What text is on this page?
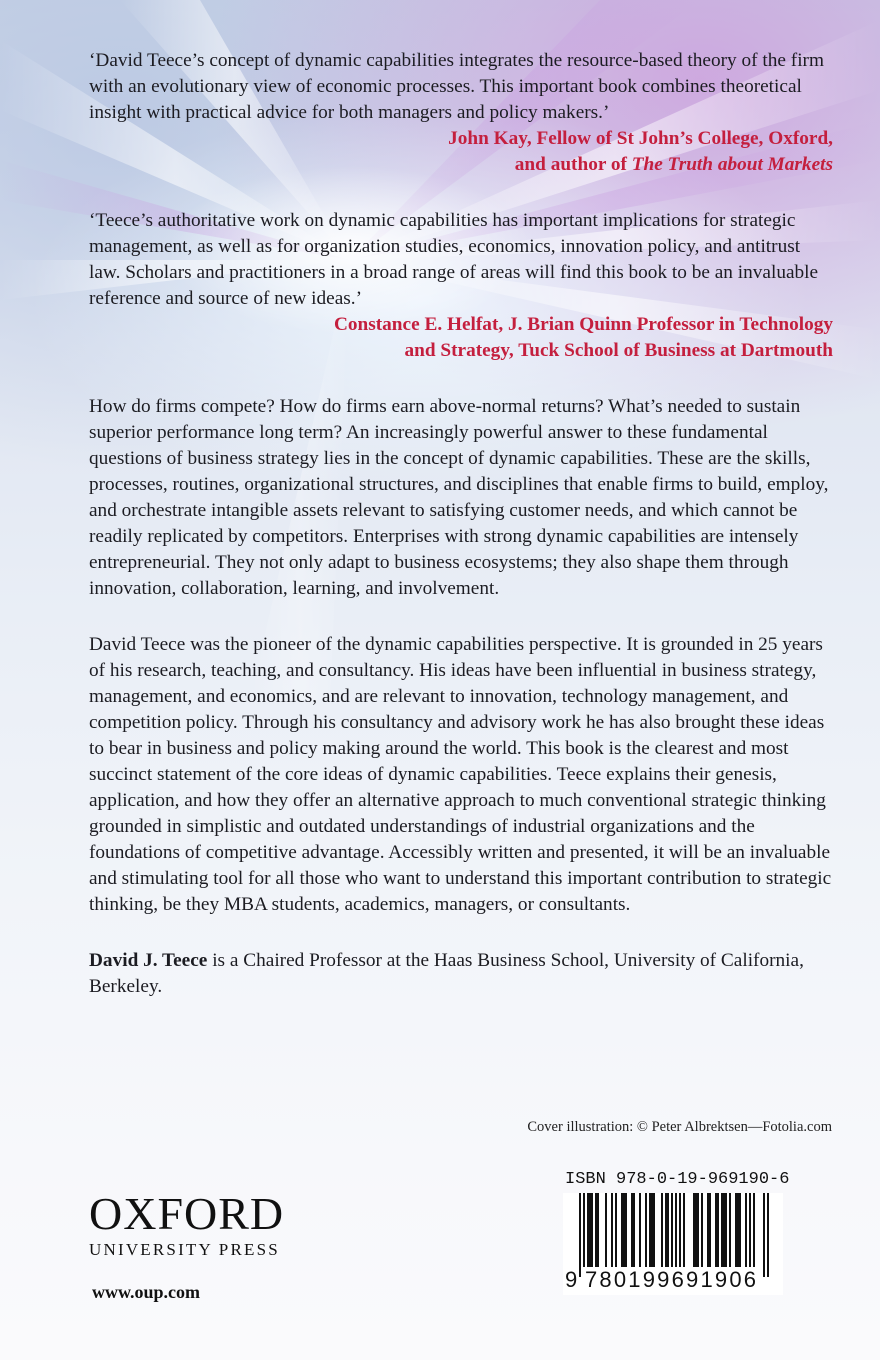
‘David Teece’s concept of dynamic capabilities integrates the resource-based theory of the firm with an evolutionary view of economic processes. This important book combines theoretical insight with practical advice for both managers and policy makers.’

John Kay, Fellow of St John’s College, Oxford,
and author of The Truth about Markets

‘Teece’s authoritative work on dynamic capabilities has important implications for strategic management, as well as for organization studies, economics, innovation policy, and antitrust law. Scholars and practitioners in a broad range of areas will find this book to be an invaluable reference and source of new ideas.’

Constance E. Helfat, J. Brian Quinn Professor in Technology
and Strategy, Tuck School of Business at Dartmouth

How do firms compete? How do firms earn above-normal returns? What’s needed to sustain superior performance long term? An increasingly powerful answer to these fundamental questions of business strategy lies in the concept of dynamic capabilities. These are the skills, processes, routines, organizational structures, and disciplines that enable firms to build, employ, and orchestrate intangible assets relevant to satisfying customer needs, and which cannot be readily replicated by competitors. Enterprises with strong dynamic capabilities are intensely entrepreneurial. They not only adapt to business ecosystems; they also shape them through innovation, collaboration, learning, and involvement.

David Teece was the pioneer of the dynamic capabilities perspective. It is grounded in 25 years of his research, teaching, and consultancy. His ideas have been influential in business strategy, management, and economics, and are relevant to innovation, technology management, and competition policy. Through his consultancy and advisory work he has also brought these ideas to bear in business and policy making around the world. This book is the clearest and most succinct statement of the core ideas of dynamic capabilities. Teece explains their genesis, application, and how they offer an alternative approach to much conventional strategic thinking grounded in simplistic and outdated understandings of industrial organizations and the foundations of competitive advantage. Accessibly written and presented, it will be an invaluable and stimulating tool for all those who want to understand this important contribution to strategic thinking, be they MBA students, academics, managers, or consultants.

David J. Teece is a Chaired Professor at the Haas Business School, University of California, Berkeley.

Cover illustration: © Peter Albrektsen—Fotolia.com
OXFORD
UNIVERSITY PRESS
www.oup.com
ISBN 978-0-19-969190-6
9 780199691906
